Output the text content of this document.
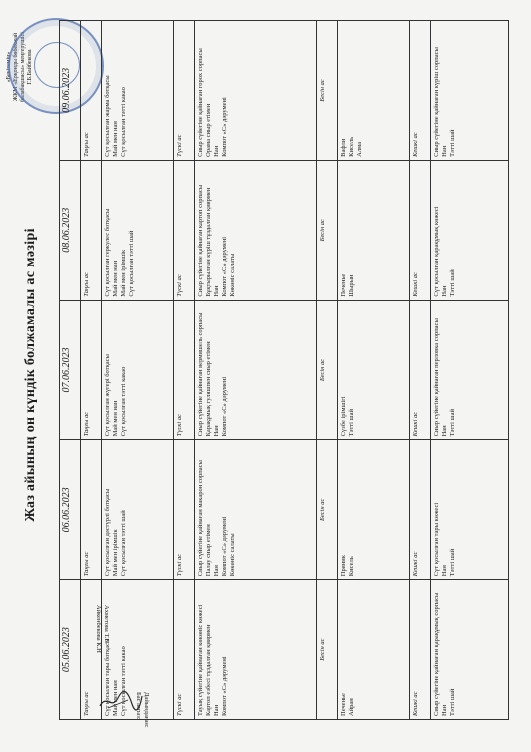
Жаз айының он күндік болжамалы ас мәзірі
«Бекітемін» ЖКМ «Ерқонды бөбекжай балабақшасы» меңгерушісі Г.Б.Байбекова
05.06.2023	06.06.2023	07.06.2023	08.06.2023	09.06.2023
Таңғы ас	Таңғы ас	Таңғы ас	Таңғы ас	Таңғы ас

Сүт қосылған тары ботқасы Май мен нан Сүт қосылған тәтті какао	Сүт қосылған дәстүрлі ботқасы Май мен ірімшік Сүт қосылған тәтті шай	Сүт қосылған жүгері ботқасы Май мен нан Сүт қосылған тәтті какао	Сүт қосылған геркулес ботқасы Май мен нан Май мен ірімшік Сүт қосылған тәтті шай	Сүт қосылған жарма ботқасы Май мен нан Сүт қосылған тәтті какао

Түскі ас	Түскі ас	Түскі ас	Түскі ас	Түскі ас

Тауық сүйегіне қайнаған көкөніс көжесі Картоп езбесі тұздалған қиярмен Нан Компот «С» дәрумені	Сиыр сүйегіне қайнаған макарон сорпасы Палау сиыр етімен Нан Компот «С» дәрумені Көкөніс салаты	Сиыр сүйегіне қайнаған вермишель сорпасы Қарақұмық гуляшпен сиыр етімен Нан Компот «С» дәрумені	Сиыр сүйегіне қайнаған картоп сорпасы Бұқтырылған күріш тұздалған қиярмен Нан Компот «С» дәрумені Көкөніс салаты	Сиыр сүйегіне қайнаған горох сорпасы Орама сиыр етімен Нан Компот «С» дәрумені

Бесін ас	Бесін ас	Бесін ас	Бесін ас	Бесін ас

Печенье Айран	Пряник Кисель	Сүзбе ірімшігі Тәтті шай	Печенье Шырын	Вафли Кисель Алма

Кешкі ас	Кешкі ас	Кешкі ас	Кешкі ас	Кешкі ас

Сиыр сүйегіне қайнаған қарақұмық сорпасы Нан Тәтті шай	Сүт қосылған тары көжесі Нан Тәтті шай	Сиыр сүйегіне қайнаған перловка сорпасы Нан Тәтті шай	Сүт қосылған қарақұмық көжесі Нан Тәтті шай	Сиыр сүйегіне қайнаған күріш сорпасы Нан Тәтті шай
Дайындаған:
Бас аспаз:
Ахметова Т.Б.
Айкенбекова К.Н
